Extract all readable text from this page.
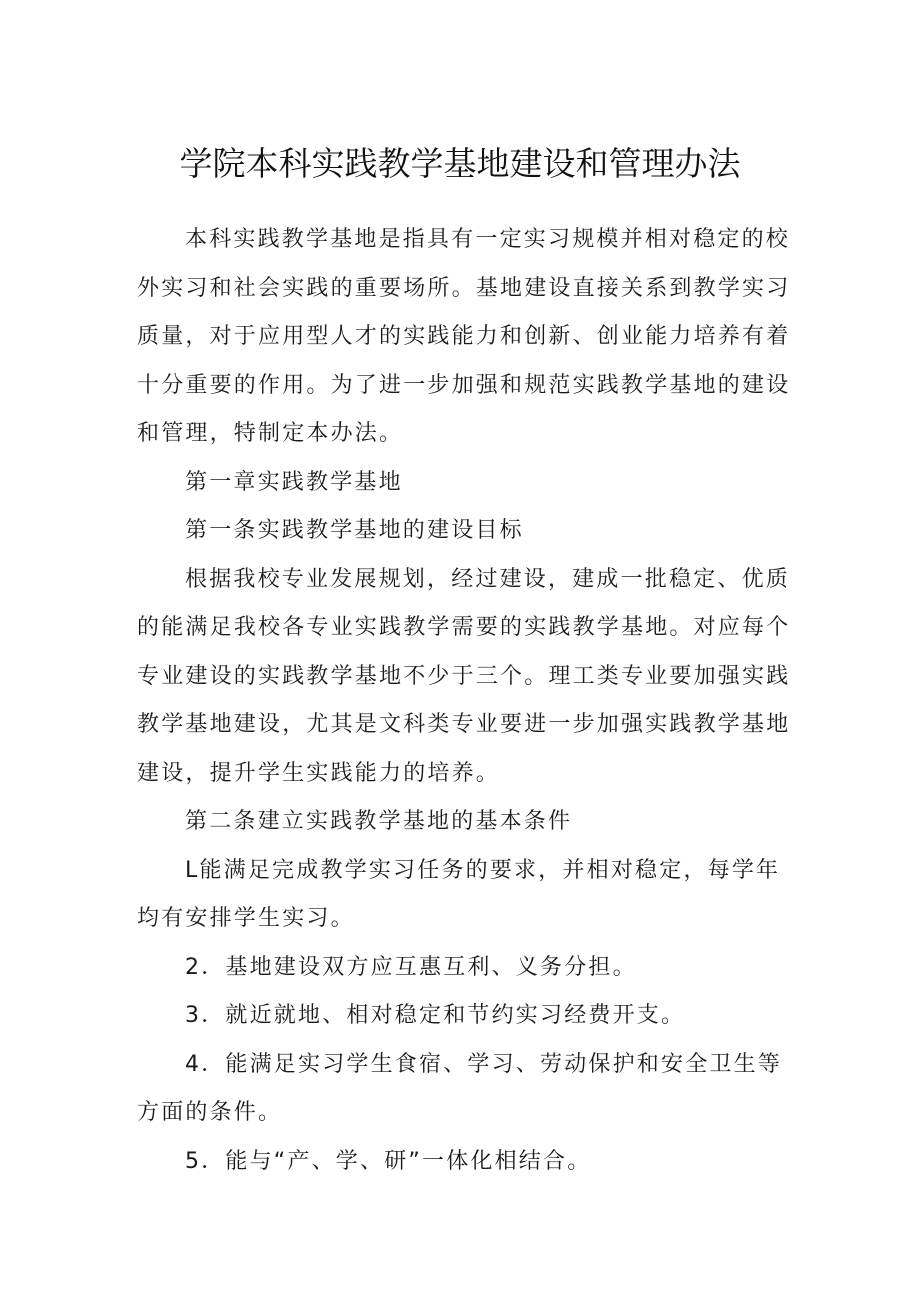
学院本科实践教学基地建设和管理办法

本科实践教学基地是指具有一定实习规模并相对稳定的校外实习和社会实践的重要场所。基地建设直接关系到教学实习质量，对于应用型人才的实践能力和创新、创业能力培养有着十分重要的作用。为了进一步加强和规范实践教学基地的建设和管理，特制定本办法。

第一章实践教学基地

第一条实践教学基地的建设目标

根据我校专业发展规划，经过建设，建成一批稳定、优质的能满足我校各专业实践教学需要的实践教学基地。对应每个专业建设的实践教学基地不少于三个。理工类专业要加强实践教学基地建设，尤其是文科类专业要进一步加强实践教学基地建设，提升学生实践能力的培养。

第二条建立实践教学基地的基本条件

L能满足完成教学实习任务的要求，并相对稳定，每学年均有安排学生实习。

2．基地建设双方应互惠互利、义务分担。

3．就近就地、相对稳定和节约实习经费开支。

4．能满足实习学生食宿、学习、劳动保护和安全卫生等方面的条件。

5．能与“产、学、研”一体化相结合。
